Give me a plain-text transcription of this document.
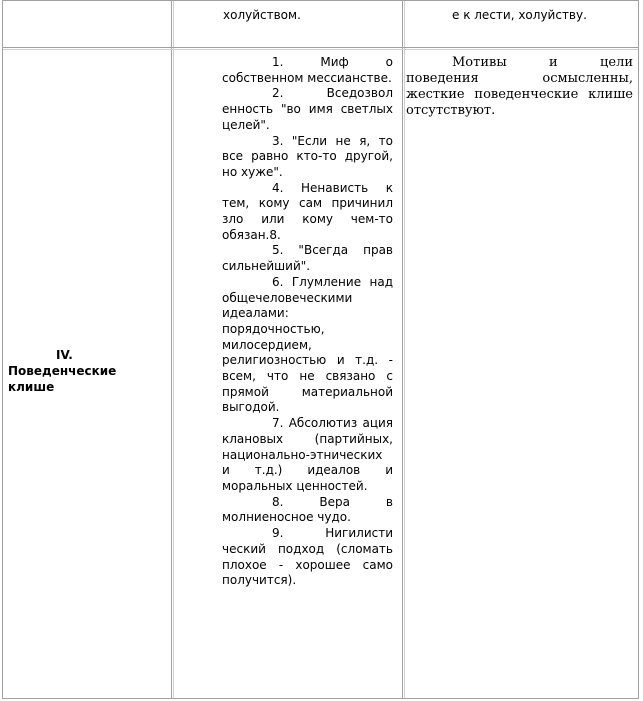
холуйством.	е к лести, холуйству.
IV.
Поведенческие клише

1. Миф о собственном мессианстве.

2. Вседозвол енность "во имя светлых целей".

3. "Если не я, то все равно кто-то другой, но хуже".

4. Ненависть к тем, кому сам причинил зло или кому чем-то обязан.8.

5. "Всегда прав сильнейший".

6. Глумление над общечеловеческими идеалами: порядочностью, милосердием, религиозностью и т.д. - всем, что не связано с прямой материальной выгодой.

7. Абсолютиз ация клановых (партийных, национально-этнических и т.д.) идеалов и моральных ценностей.

8. Вера в молниеносное чудо.

9. Нигилисти ческий подход (сломать плохое - хорошее само получится).

Мотивы и цели поведения осмысленны, жесткие поведенческие клише отсутствуют.
